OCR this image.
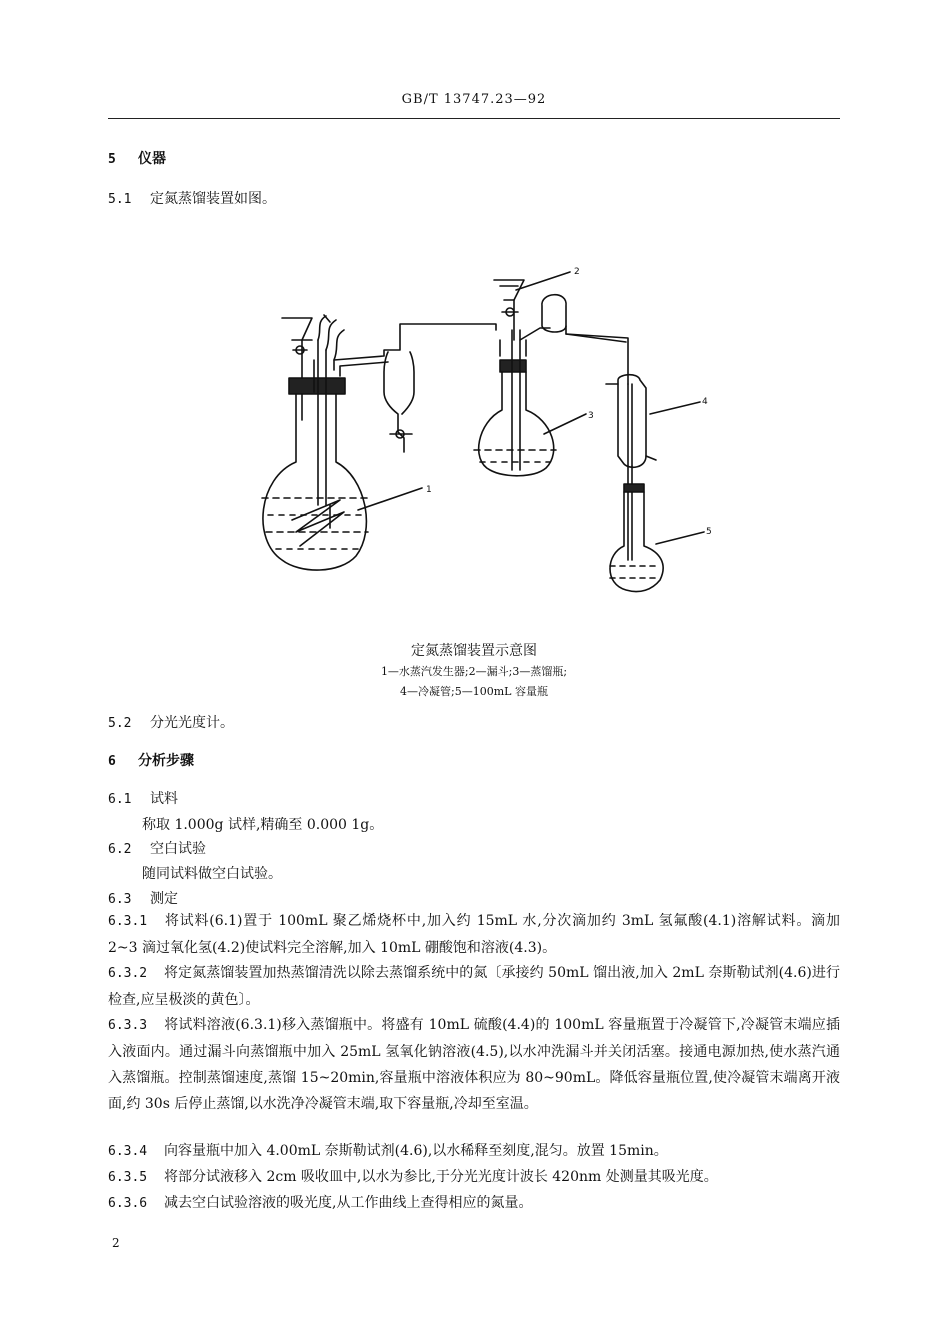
GB/T 13747.23—92
5 仪器
5.1 定氮蒸馏装置如图。
1
2
3
4
5
定氮蒸馏装置示意图
1—水蒸汽发生器;2—漏斗;3—蒸馏瓶;
4—冷凝管;5—100mL 容量瓶
5.2 分光光度计。
6 分析步骤
6.1 试料
称取 1.000g 试样,精确至 0.000 1g。
6.2 空白试验
随同试料做空白试验。
6.3 测定
6.3.1 将试料(6.1)置于 100mL 聚乙烯烧杯中,加入约 15mL 水,分次滴加约 3mL 氢氟酸(4.1)溶解试料。滴加 2~3 滴过氧化氢(4.2)使试料完全溶解,加入 10mL 硼酸饱和溶液(4.3)。
6.3.2 将定氮蒸馏装置加热蒸馏清洗以除去蒸馏系统中的氮〔承接约 50mL 馏出液,加入 2mL 奈斯勒试剂(4.6)进行检查,应呈极淡的黄色〕。
6.3.3 将试料溶液(6.3.1)移入蒸馏瓶中。将盛有 10mL 硫酸(4.4)的 100mL 容量瓶置于冷凝管下,冷凝管末端应插入液面内。通过漏斗向蒸馏瓶中加入 25mL 氢氧化钠溶液(4.5),以水冲洗漏斗并关闭活塞。接通电源加热,使水蒸汽通入蒸馏瓶。控制蒸馏速度,蒸馏 15~20min,容量瓶中溶液体积应为 80~90mL。降低容量瓶位置,使冷凝管末端离开液面,约 30s 后停止蒸馏,以水洗净冷凝管末端,取下容量瓶,冷却至室温。
6.3.4 向容量瓶中加入 4.00mL 奈斯勒试剂(4.6),以水稀释至刻度,混匀。放置 15min。
6.3.5 将部分试液移入 2cm 吸收皿中,以水为参比,于分光光度计波长 420nm 处测量其吸光度。
6.3.6 减去空白试验溶液的吸光度,从工作曲线上查得相应的氮量。
2
